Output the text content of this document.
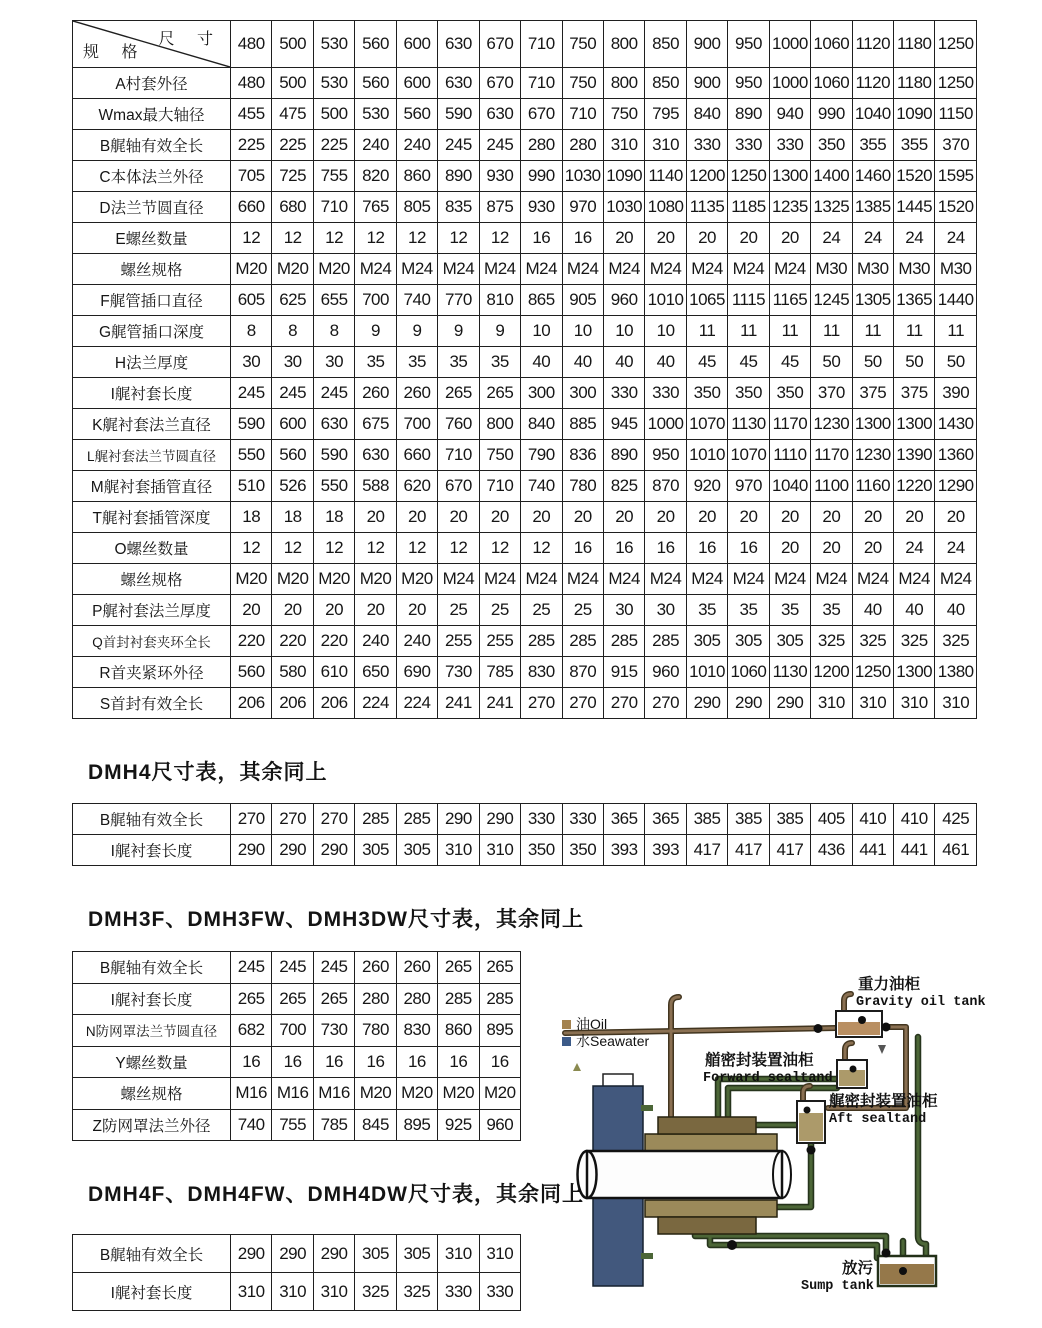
尺 寸
规 格	480	500	530	560	600	630	670	710	750	800	850	900	950	1000	1060	1120	1180	1250
A村套外径	480	500	530	560	600	630	670	710	750	800	850	900	950	1000	1060	1120	1180	1250
Wmax最大轴径	455	475	500	530	560	590	630	670	710	750	795	840	890	940	990	1040	1090	1150
B艉轴有效全长	225	225	225	240	240	245	245	280	280	310	310	330	330	330	350	355	355	370
C本体法兰外径	705	725	755	820	860	890	930	990	1030	1090	1140	1200	1250	1300	1400	1460	1520	1595
D法兰节圆直径	660	680	710	765	805	835	875	930	970	1030	1080	1135	1185	1235	1325	1385	1445	1520
E螺丝数量	12	12	12	12	12	12	12	16	16	20	20	20	20	20	24	24	24	24
螺丝规格	M20	M20	M20	M24	M24	M24	M24	M24	M24	M24	M24	M24	M24	M24	M30	M30	M30	M30
F艉管插口直径	605	625	655	700	740	770	810	865	905	960	1010	1065	1115	1165	1245	1305	1365	1440
G艉管插口深度	8	8	8	9	9	9	9	10	10	10	10	11	11	11	11	11	11	11
H法兰厚度	30	30	30	35	35	35	35	40	40	40	40	45	45	45	50	50	50	50
I艉衬套长度	245	245	245	260	260	265	265	300	300	330	330	350	350	350	370	375	375	390
K艉衬套法兰直径	590	600	630	675	700	760	800	840	885	945	1000	1070	1130	1170	1230	1300	1300	1430
L艉衬套法兰节圆直径	550	560	590	630	660	710	750	790	836	890	950	1010	1070	1110	1170	1230	1390	1360
M艉衬套插管直径	510	526	550	588	620	670	710	740	780	825	870	920	970	1040	1100	1160	1220	1290
T艉衬套插管深度	18	18	18	20	20	20	20	20	20	20	20	20	20	20	20	20	20	20
O螺丝数量	12	12	12	12	12	12	12	12	16	16	16	16	16	20	20	20	24	24
螺丝规格	M20	M20	M20	M20	M20	M24	M24	M24	M24	M24	M24	M24	M24	M24	M24	M24	M24	M24
P艉衬套法兰厚度	20	20	20	20	20	25	25	25	25	30	30	35	35	35	35	40	40	40
Q首封衬套夹环全长	220	220	220	240	240	255	255	285	285	285	285	305	305	305	325	325	325	325
R首夹紧环外径	560	580	610	650	690	730	785	830	870	915	960	1010	1060	1130	1200	1250	1300	1380
S首封有效全长	206	206	206	224	224	241	241	270	270	270	270	290	290	290	310	310	310	310
DMH4尺寸表，其余同上
B艉轴有效全长	270	270	270	285	285	290	290	330	330	365	365	385	385	385	405	410	410	425
I艉衬套长度	290	290	290	305	305	310	310	350	350	393	393	417	417	417	436	441	441	461
DMH3F、DMH3FW、DMH3DW尺寸表，其余同上
B艉轴有效全长	245	245	245	260	260	265	265
I艉衬套长度	265	265	265	280	280	285	285
N防网罩法兰节圆直径	682	700	730	780	830	860	895
Y螺丝数量	16	16	16	16	16	16	16
螺丝规格	M16	M16	M16	M20	M20	M20	M20
Z防网罩法兰外径	740	755	785	845	895	925	960
DMH4F、DMH4FW、DMH4DW尺寸表，其余同上
B艉轴有效全长	290	290	290	305	305	310	310
I艉衬套长度	310	310	310	325	325	330	330
油Oil
水Seawater
重力油柜
Gravity oil tank
艏密封装置油柜
Forward sealtand
艉密封装置油柜
Aft sealtand
放污
Sump tank
